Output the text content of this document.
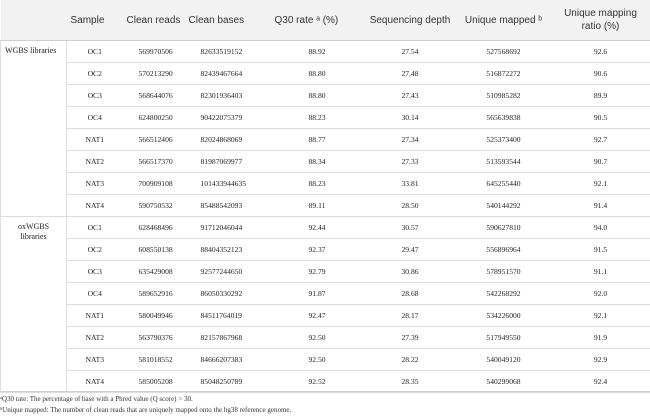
	Sample	Clean reads	Clean bases	Q30 rate ᵃ (%)	Sequencing depth	Unique mapped ᵇ	Unique mapping ratio (%)
WGBS libraries	OC1	569970506	82633519152	88.92	27.54	527568692	92.6
	OC2	570213290	82439467664	88.80	27.48	516872272	90.6
	OC3	568644076	82301936403	88.80	27.43	510985282	89.9
	OC4	624800250	90422075379	88.23	30.14	565639838	90.5
	NAT1	566512406	82024868069	88.77	27.34	525373400	92.7
	NAT2	566517370	81987069977	88.34	27.33	513593544	90.7
	NAT3	700909108	101433944635	88.23	33.81	645255440	92.1
	NAT4	590750532	85488542093	89.11	28.50	540144292	91.4
oxWGBS libraries	OC1	628468496	91712046044	92.44	30.57	590627810	94.0
	OC2	608550138	88404352123	92.37	29.47	556896964	91.5
	OC3	635429008	92577244650	92.79	30.86	578951570	91.1
	OC4	589652916	86050330292	91.87	28.68	542268292	92.0
	NAT1	580049946	84511764019	92.47	28.17	534226000	92.1
	NAT2	563790376	82157867968	92.50	27.39	517949550	91.9
	NAT3	581018552	84666207383	92.50	28.22	540049120	92.9
	NAT4	585005208	85048250789	92.52	28.35	540299068	92.4
ᵃQ30 rate: The percentage of base with a Phred value (Q score) > 30.
ᵇUnique mapped: The number of clean reads that are uniquely mapped onto the hg38 reference genome.
